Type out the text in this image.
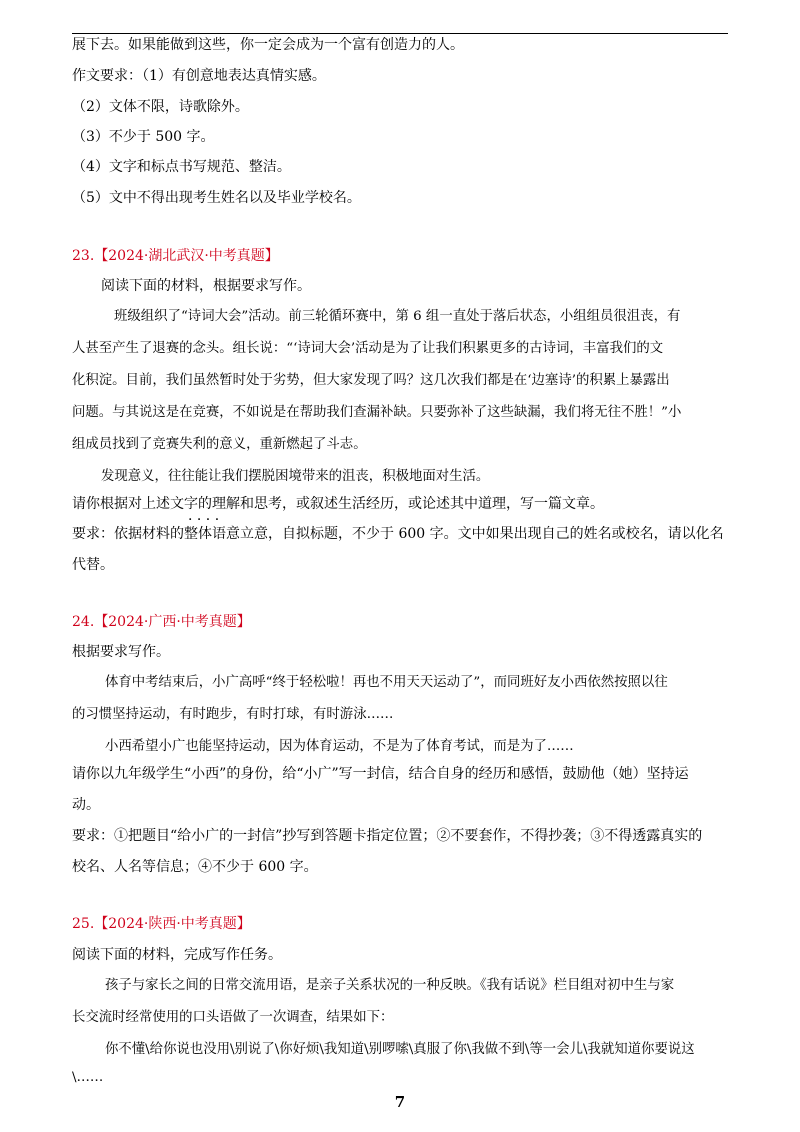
展下去。如果能做到这些，你一定会成为一个富有创造力的人。
作文要求：（1）有创意地表达真情实感。
（2）文体不限，诗歌除外。
（3）不少于 500 字。
（4）文字和标点书写规范、整洁。
（5）文中不得出现考生姓名以及毕业学校名。
23.【2024·湖北武汉·中考真题】
阅读下面的材料，根据要求写作。
班级组织了“诗词大会”活动。前三轮循环赛中，第 6 组一直处于落后状态，小组组员很沮丧，有
人甚至产生了退赛的念头。组长说：“‘诗词大会’活动是为了让我们积累更多的古诗词，丰富我们的文
化积淀。目前，我们虽然暂时处于劣势，但大家发现了吗？这几次我们都是在‘边塞诗’的积累上暴露出
问题。与其说这是在竞赛，不如说是在帮助我们查漏补缺。只要弥补了这些缺漏，我们将无往不胜！”小
组成员找到了竞赛失利的意义，重新燃起了斗志。
发现意义，往往能让我们摆脱困境带来的沮丧，积极地面对生活。
请你根据对上述文字的理解和思考，或叙述生活经历，或论述其中道理，写一篇文章。
· · · ·
要求：依据材料的整体语意立意，自拟标题，不少于 600 字。文中如果出现自己的姓名或校名，请以化名
代替。
24.【2024·广西·中考真题】
根据要求写作。
体育中考结束后，小广高呼“终于轻松啦！再也不用天天运动了”，而同班好友小西依然按照以往
的习惯坚持运动，有时跑步，有时打球，有时游泳……
小西希望小广也能坚持运动，因为体育运动，不是为了体育考试，而是为了……
请你以九年级学生“小西”的身份，给“小广”写一封信，结合自身的经历和感悟，鼓励他（她）坚持运
动。
要求：①把题目“给小广的一封信”抄写到答题卡指定位置；②不要套作，不得抄袭；③不得透露真实的
校名、人名等信息；④不少于 600 字。
25.【2024·陕西·中考真题】
阅读下面的材料，完成写作任务。
孩子与家长之间的日常交流用语，是亲子关系状况的一种反映。《我有话说》栏目组对初中生与家
长交流时经常使用的口头语做了一次调查，结果如下：
你不懂\给你说也没用\别说了\你好烦\我知道\别啰嗦\真服了你\我做不到\等一会儿\我就知道你要说这
\……
7
